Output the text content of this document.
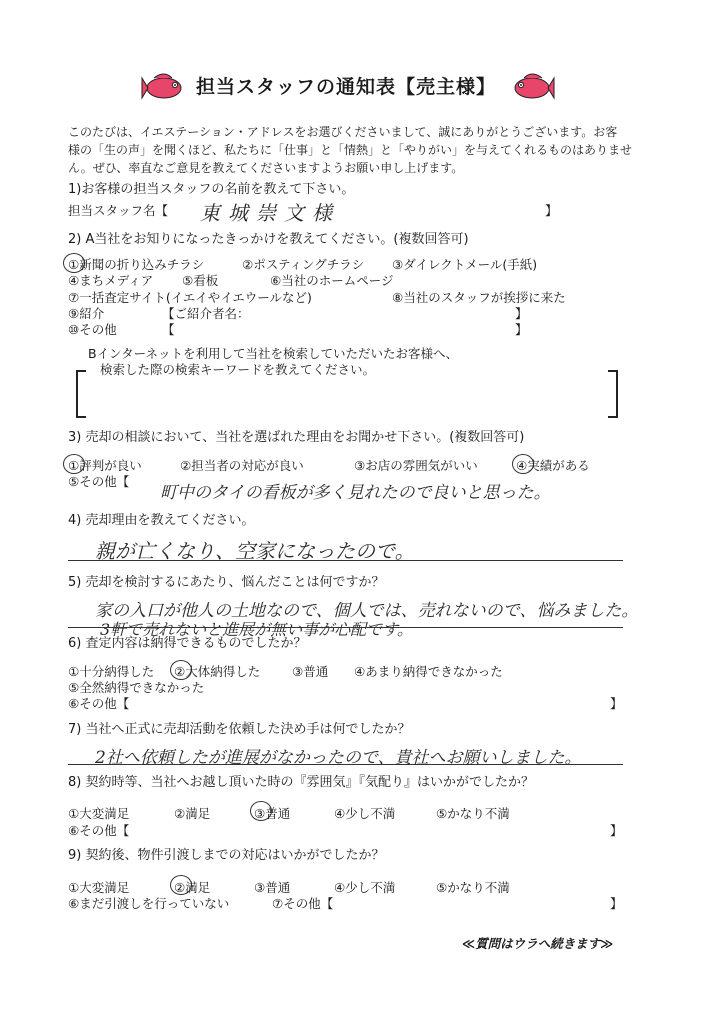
担当スタッフの通知表【売主様】
このたびは、イエステーション・アドレスをお選びくださいまして、誠にありがとうございます。お客
様の「生の声」を聞くほど、私たちに「仕事」と「情熱」と「やりがい」を与えてくれるものはありませ
ん。ぜひ、率直なご意見を教えてくださいますようお願い申し上げます。
1)お客様の担当スタッフの名前を教えて下さい。
担当スタッフ名【 東城崇文様	】
2) A当社をお知りになったきっかけを教えてください。(複数回答可)
①新聞の折り込みチラシ	②ポスティングチラシ ③ダイレクトメール(手紙)
④まちメディア ⑤看板	⑥当社のホームページ
⑦一括査定サイト(イエイやイエウールなど)	⑧当社のスタッフが挨拶に来た
⑨紹介	【ご紹介者名：	】
⑩その他	【	】
Bインターネットを利用して当社を検索していただいたお客様へ、
検索した際の検索キーワードを教えてください。
3) 売却の相談において、当社を選ばれた理由をお聞かせ下さい。(複数回答可)
①評判が良い	②担当者の対応が良い	③お店の雰囲気がいい	④実績がある
⑤その他【
町中のタイの看板が多く見れたので良いと思った。
4) 売却理由を教えてください。
親が亡くなり、空家になったので。
5) 売却を検討するにあたり、悩んだことは何ですか？
家の入口が他人の土地なので、個人では、売れないので、悩みました。
3軒で売れないと進展が無い事が心配です。
6) 査定内容は納得できるものでしたか？
①十分納得した ②大体納得した	③普通 ④あまり納得できなかった
⑤全然納得できなかった
⑥その他【	】
7) 当社へ正式に売却活動を依頼した決め手は何でしたか？
2社へ依頼したが進展がなかったので、貴社へお願いしました。
8) 契約時等、当社へお越し頂いた時の『雰囲気』『気配り』はいかがでしたか？
①大変満足	②満足	③普通	④少し不満	⑤かなり不満
⑥その他【	】
9) 契約後、物件引渡しまでの対応はいかがでしたか？
①大変満足	②満足	③普通	④少し不満	⑤かなり不満
⑥まだ引渡しを行っていない	⑦その他【	】
≪質問はウラへ続きます≫
